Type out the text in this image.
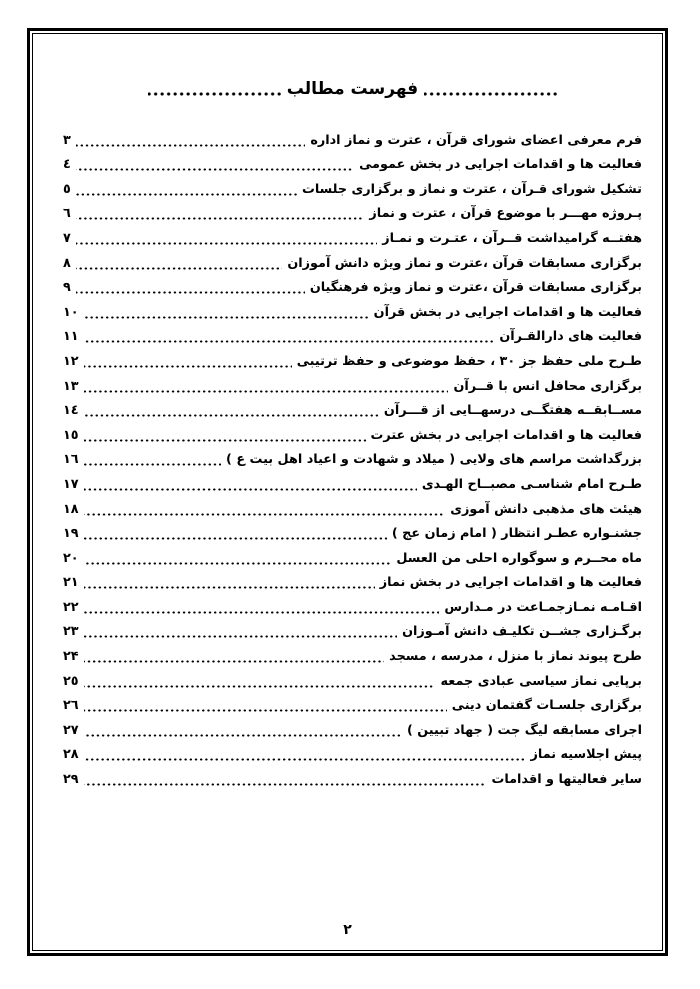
فهرست مطالب
فرم معرفی اعضای شورای قرآن ، عترت و نماز اداره
۳
فعالیت ها و اقدامات اجرایی در بخش عمومی
٤
تشکیل شورای قـرآن ، عترت و نماز و برگزاری جلسات
٥
پـروژه مهـــر با موضوع قرآن ، عترت و نماز
٦
هفتــه گرامیداشت قــرآن ، عتـرت و نمـاز
۷
برگزاری مسابقات قرآن ،عترت و نماز ویژه دانش آموزان
۸
برگزاری مسابقات قرآن ،عترت و نماز ویژه فرهنگیان
۹
فعالیت ها و اقدامات اجرایی در بخش قرآن
۱۰
فعالیت های دارالقـرآن
۱۱
طـرح ملی حفظ جز ۳۰ ، حفظ موضوعی و حفظ ترتیبی
۱۲
برگزاری محافل انس با قــرآن
۱۳
مســابقــه هفتگــی درسهــایی از قـــرآن
۱٤
فعالیت ها و اقدامات اجرایی در بخش عترت
۱٥
بزرگداشت مراسم های ولایی ( میلاد و شهادت و اعیاد اهل بیت ع )
۱٦
طـرح امام شناسـی مصبــاح الهـدی
۱۷
هیئت های مذهبی دانش آموزی
۱۸
جشنـواره عطـر انتظار ( امام زمان عج )
۱۹
ماه محــرم و سوگواره احلی من العسل
۲۰
فعالیت ها و اقدامات اجرایی در بخش نماز
۲۱
اقـامـه نمـازجمـاعت در مـدارس
۲۲
برگـزاری جشــن تکلیـف دانش آمـوزان
۲۳
طرح پیوند نماز با منزل ، مدرسه ، مسجد
۲۴
برپایی نماز سیاسی عبادی جمعه
۲٥
برگزاری جلسـات گفتمان دینی
۲٦
اجرای مسابقه لیگ جت ( جهاد تبیین )
۲۷
پیش اجلاسیه نماز
۲۸
سایر فعالیتها و اقدامات
۲۹
۲
